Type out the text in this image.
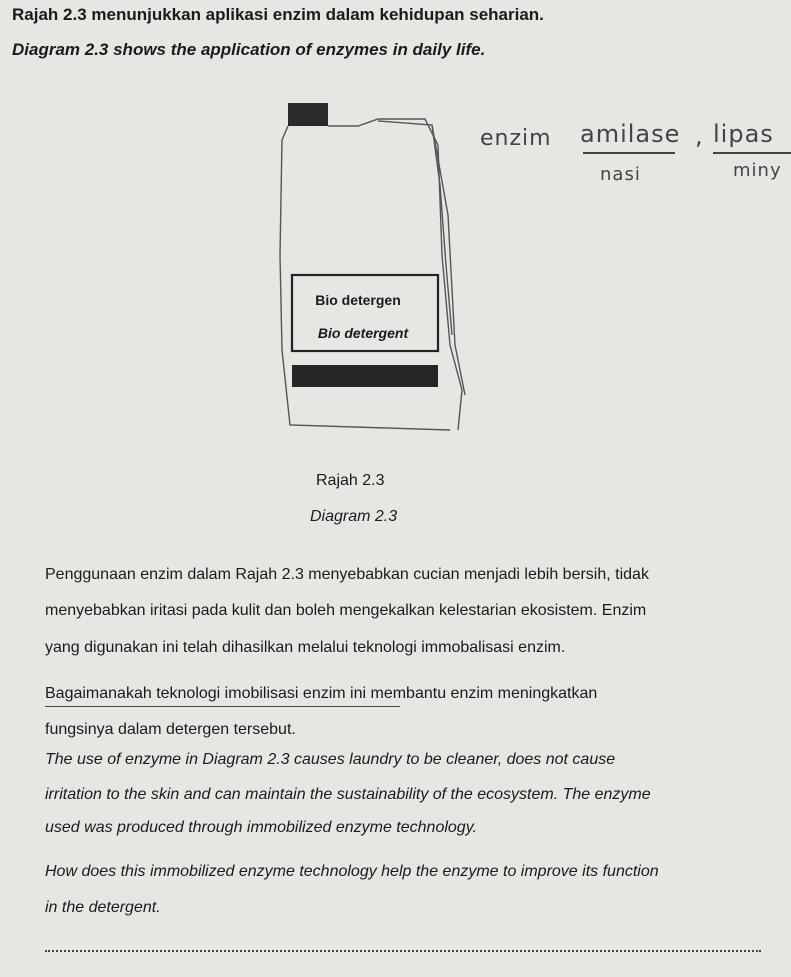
Rajah 2.3 menunjukkan aplikasi enzim dalam kehidupan seharian.
Diagram 2.3 shows the application of enzymes in daily life.
Bio detergen
Bio detergent
enzim amilase , lipas
nasi	miny
Rajah 2.3
Diagram 2.3
Penggunaan enzim dalam Rajah 2.3 menyebabkan cucian menjadi lebih bersih, tidak
menyebabkan iritasi pada kulit dan boleh mengekalkan kelestarian ekosistem. Enzim
yang digunakan ini telah dihasilkan melalui teknologi immobalisasi enzim.
Bagaimanakah teknologi imobilisasi enzim ini membantu enzim meningkatkan
fungsinya dalam detergen tersebut.
The use of enzyme in Diagram 2.3 causes laundry to be cleaner, does not cause
irritation to the skin and can maintain the sustainability of the ecosystem. The enzyme
used was produced through immobilized enzyme technology.
How does this immobilized enzyme technology help the enzyme to improve its function
in the detergent.
